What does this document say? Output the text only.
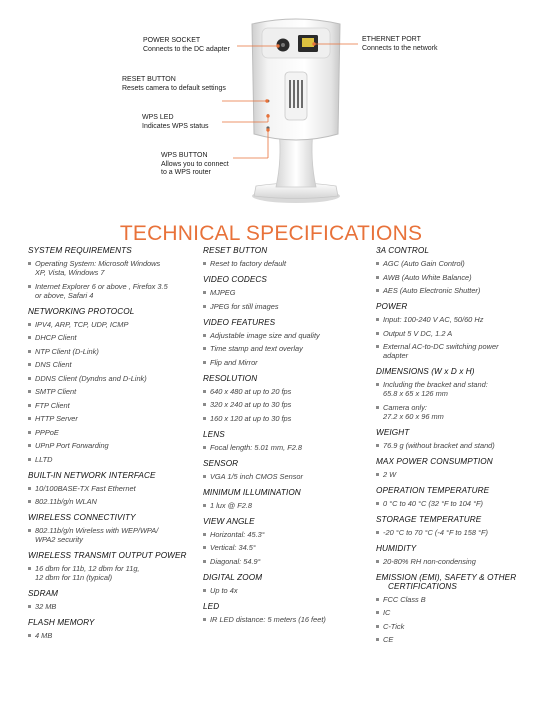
POWER SOCKET
Connects to the DC adapter
ETHERNET PORT
Connects to the network
RESET BUTTON
Resets camera to default settings
WPS LED
Indicates WPS status
WPS BUTTON
Allows you to connect
to a WPS router
TECHNICAL SPECIFICATIONS
SYSTEM REQUIREMENTS
Operating System: Microsoft Windows
XP, Vista, Windows 7
Internet Explorer 6 or above , Firefox 3.5
or above, Safari 4
NETWORKING PROTOCOL
IPV4, ARP, TCP, UDP, ICMP
DHCP Client
NTP Client (D-Link)
DNS Client
DDNS Client (Dyndns and D-Link)
SMTP Client
FTP Client
HTTP Server
PPPoE
UPnP Port Forwarding
LLTD
BUILT-IN NETWORK INTERFACE
10/100BASE-TX Fast Ethernet
802.11b/g/n WLAN
WIRELESS CONNECTIVITY
802.11b/g/n Wireless with WEP/WPA/
WPA2 security
WIRELESS TRANSMIT OUTPUT POWER
16 dbm for 11b, 12 dbm for 11g,
12 dbm for 11n (typical)
SDRAM
32 MB
FLASH MEMORY
4 MB
RESET BUTTON
Reset to factory default
VIDEO CODECS
MJPEG
JPEG for still images
VIDEO FEATURES
Adjustable image size and quality
Time stamp and text overlay
Flip and Mirror
RESOLUTION
640 x 480 at up to 20 fps
320 x 240 at up to 30 fps
160 x 120 at up to 30 fps
LENS
Focal length: 5.01 mm, F2.8
SENSOR
VGA 1/5 inch CMOS Sensor
MINIMUM ILLUMINATION
1 lux @ F2.8
VIEW ANGLE
Horizontal: 45.3°
Vertical: 34.5°
Diagonal: 54.9°
DIGITAL ZOOM
Up to 4x
LED
IR LED distance: 5 meters (16 feet)
3A CONTROL
AGC (Auto Gain Control)
AWB (Auto White Balance)
AES (Auto Electronic Shutter)
POWER
Input: 100-240 V AC, 50/60 Hz
Output 5 V DC, 1.2 A
External AC-to-DC switching power
adapter
DIMENSIONS (W x D x H)
Including the bracket and stand:
65.8 x 65 x 126 mm
Camera only:
27.2 x 60 x 96 mm
WEIGHT
76.9 g (without bracket and stand)
MAX POWER CONSUMPTION
2 W
OPERATION TEMPERATURE
0 °C to 40 °C (32 °F to 104 °F)
STORAGE TEMPERATURE
-20 °C to 70 °C (-4 °F to 158 °F)
HUMIDITY
20-80% RH non-condensing
EMISSION (EMI), SAFETY & OTHER
CERTIFICATIONS
FCC Class B
IC
C-Tick
CE
